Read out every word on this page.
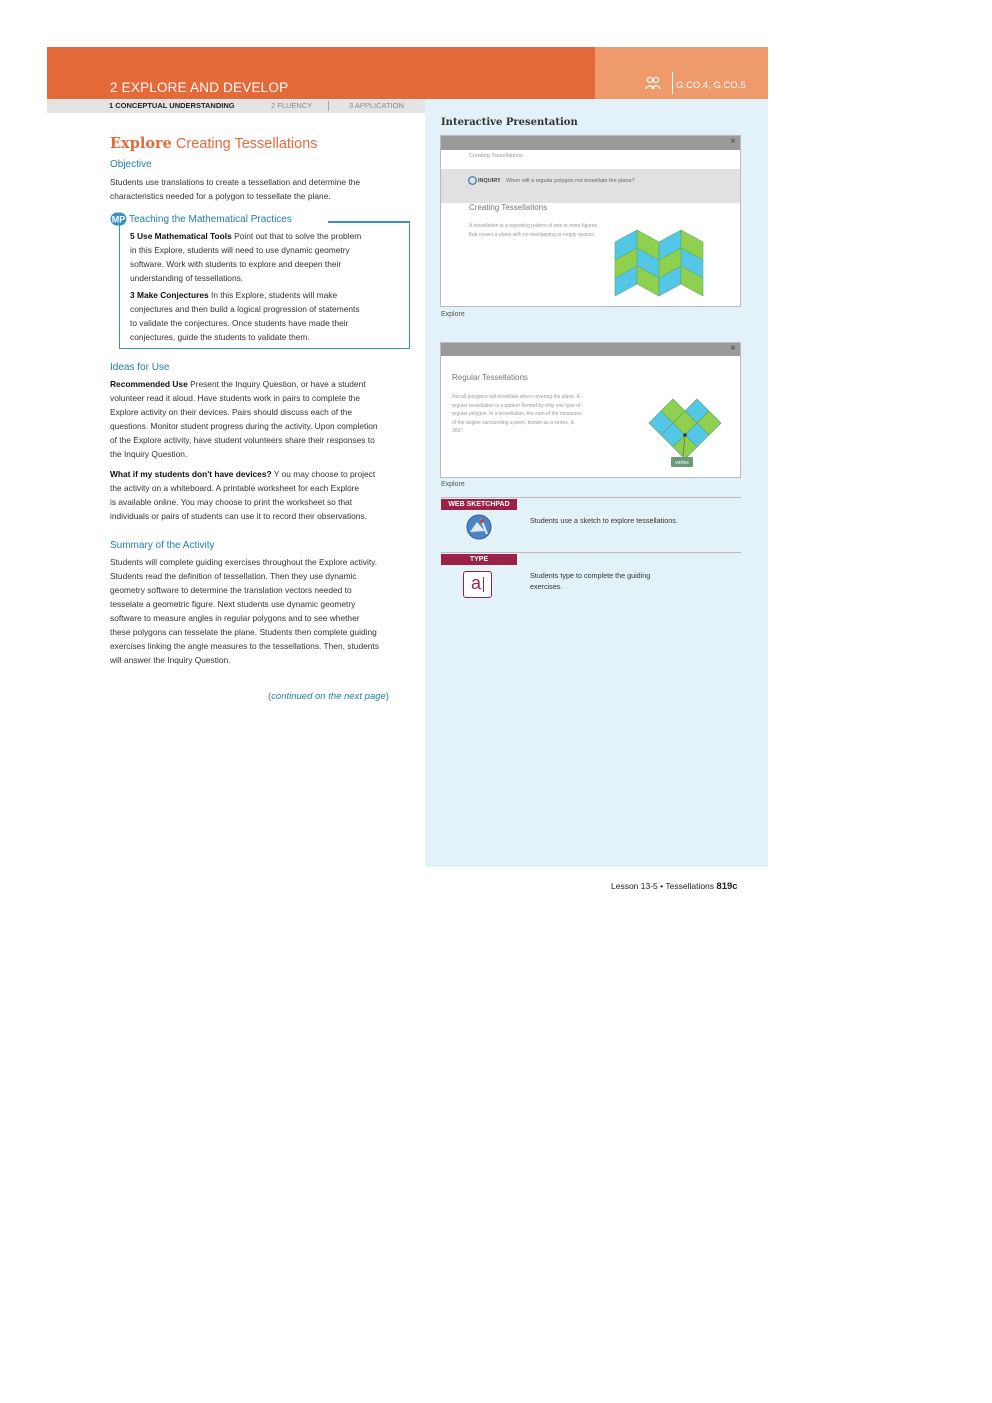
2 EXPLORE AND DEVELOP	G.CO.4, G.CO.5
1 CONCEPTUAL UNDERSTANDING	2 FLUENCY	3 APPLICATION
Explore Creating Tessellations
Objective
Students use translations to create a tessellation and determine the
characteristics needed for a polygon to tessellate the plane.
MP Teaching the Mathematical Practices
5 Use Mathematical Tools Point out that to solve the problem
in this Explore, students will need to use dynamic geometry
software. Work with students to explore and deepen their
understanding of tessellations.
3 Make Conjectures In this Explore, students will make
conjectures and then build a logical progression of statements
to validate the conjectures. Once students have made their
conjectures, guide the students to validate them.
Ideas for Use
Recommended Use Present the Inquiry Question, or have a student
volunteer read it aloud. Have students work in pairs to complete the
Explore activity on their devices. Pairs should discuss each of the
questions. Monitor student progress during the activity. Upon completion
of the Explore activity, have student volunteers share their responses to
the Inquiry Question.
What if my students don't have devices? Y ou may choose to project
the activity on a whiteboard. A printable worksheet for each Explore
is available online. You may choose to print the worksheet so that
individuals or pairs of students can use it to record their observations.
Summary of the Activity
Students will complete guiding exercises throughout the Explore activity.
Students read the definition of tessellation. Then they use dynamic
geometry software to determine the translation vectors needed to
tesselate a geometric figure. Next students use dynamic geometry
software to measure angles in regular polygons and to see whether
these polygons can tesselate the plane. Students then complete guiding
exercises linking the angle measures to the tessellations. Then, students
will answer the Inquiry Question.
(continued on the next page)
Interactive Presentation
×
Creating Tessellations
INQUIRY When will a regular polygon not tessellate the plane?
Creating Tessellations
A tessellation is a repeating pattern of one or more figures
that covers a plane with no overlapping or empty spaces.
Explore
×
Regular Tessellations
Not all polygons will tessellate when covering the plane. A
regular tessellation is a pattern formed by only one type of
regular polygon. In a tessellation, the sum of the measures
of the angles surrounding a point, known as a vertex, is
360°.
vertex
Explore
WEB SKETCHPAD
Students use a sketch to explore tessellations.
TYPE
a	Students type to complete the guiding exercises.
Lesson 13-5 • Tessellations 819c
